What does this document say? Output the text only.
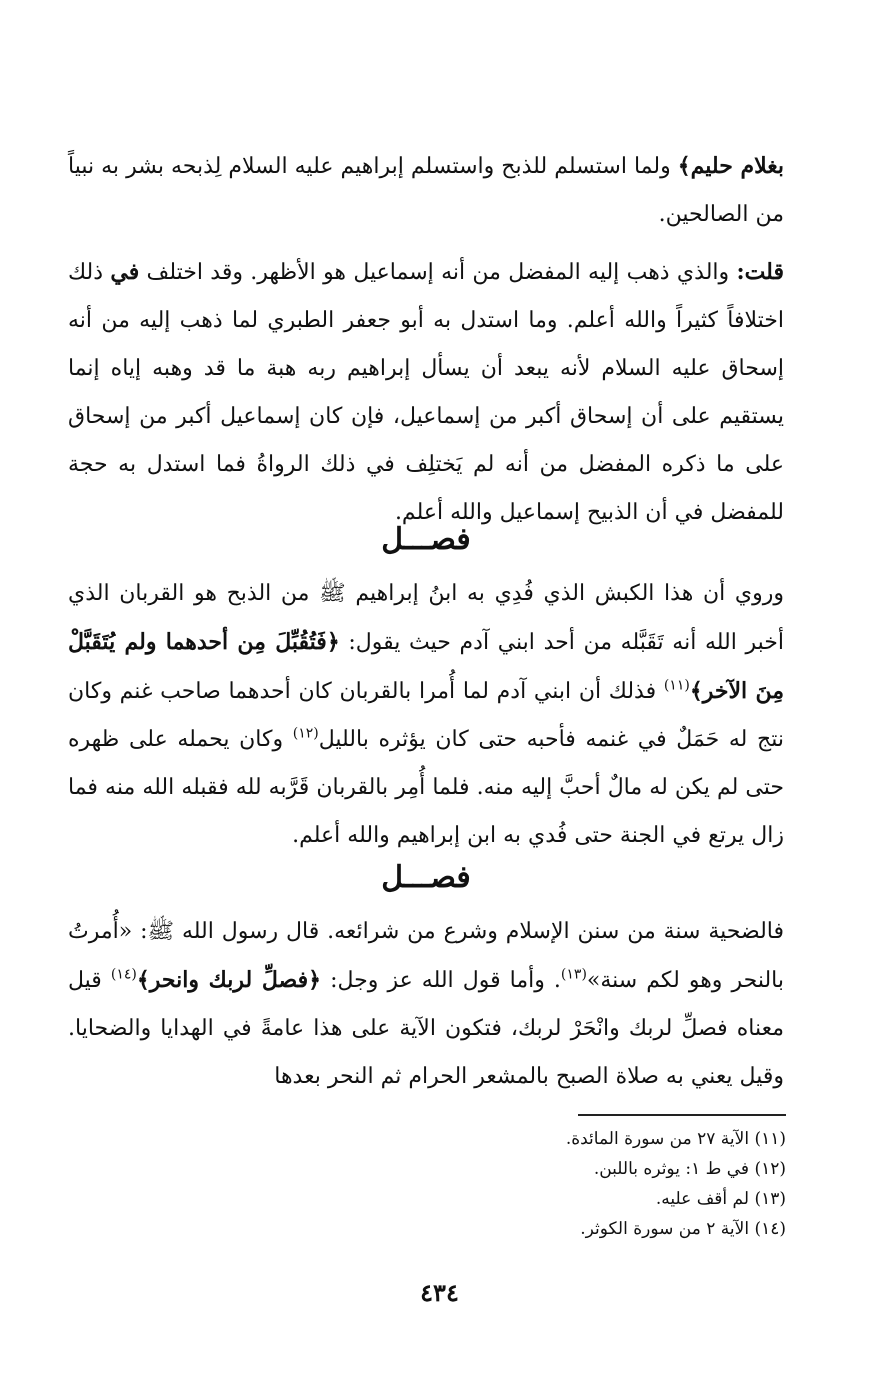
بغلام حليم﴾ ولما استسلم للذبح واستسلم إبراهيم عليه السلام لِذبحه بشر به نبياً من الصالحين.

قلت: والذي ذهب إليه المفضل من أنه إسماعيل هو الأظهر. وقد اختلف في ذلك اختلافاً كثيراً والله أعلم. وما استدل به أبو جعفر الطبري لما ذهب إليه من أنه إسحاق عليه السلام لأنه يبعد أن يسأل إبراهيم ربه هبة ما قد وهبه إياه إنما يستقيم على أن إسحاق أكبر من إسماعيل، فإن كان إسماعيل أكبر من إسحاق على ما ذكره المفضل من أنه لم يَختلِف في ذلك الرواةُ فما استدل به حجة للمفضل في أن الذبيح إسماعيل والله أعلم.

فصـــل

وروي أن هذا الكبش الذي فُدِي به ابنُ إبراهيم ﷺ من الذبح هو القربان الذي أخبر الله أنه تَقَبَّله من أحد ابني آدم حيث يقول: ﴿فَتُقُبِّلَ مِن أحدهما ولم يُتَقَبَّلْ مِنَ الآخر﴾$^{(١١)}$ فذلك أن ابني آدم لما أُمرا بالقربان كان أحدهما صاحب غنم وكان نتج له حَمَلٌ في غنمه فأحبه حتى كان يؤثره بالليل$^{(١٢)}$ وكان يحمله على ظهره حتى لم يكن له مالٌ أحبَّ إليه منه. فلما أُمِر بالقربان قَرَّبه لله فقبله الله منه فما زال يرتع في الجنة حتى فُدي به ابن إبراهيم والله أعلم.

فصـــل

فالضحية سنة من سنن الإسلام وشرع من شرائعه. قال رسول الله ﷺ: «أُمرتُ بالنحر وهو لكم سنة»$^{(١٣)}$. وأما قول الله عز وجل: ﴿فصلِّ لربك وانحر﴾$^{(١٤)}$ قيل معناه فصلِّ لربك وانْحَرْ لربك، فتكون الآية على هذا عامةً في الهدايا والضحايا. وقيل يعني به صلاة الصبح بالمشعر الحرام ثم النحر بعدها

(١١) الآية ٢٧ من سورة المائدة.
(١٢) في ط ١: يوثره باللبن.
(١٣) لم أقف عليه.
(١٤) الآية ٢ من سورة الكوثر.
٤٣٤
